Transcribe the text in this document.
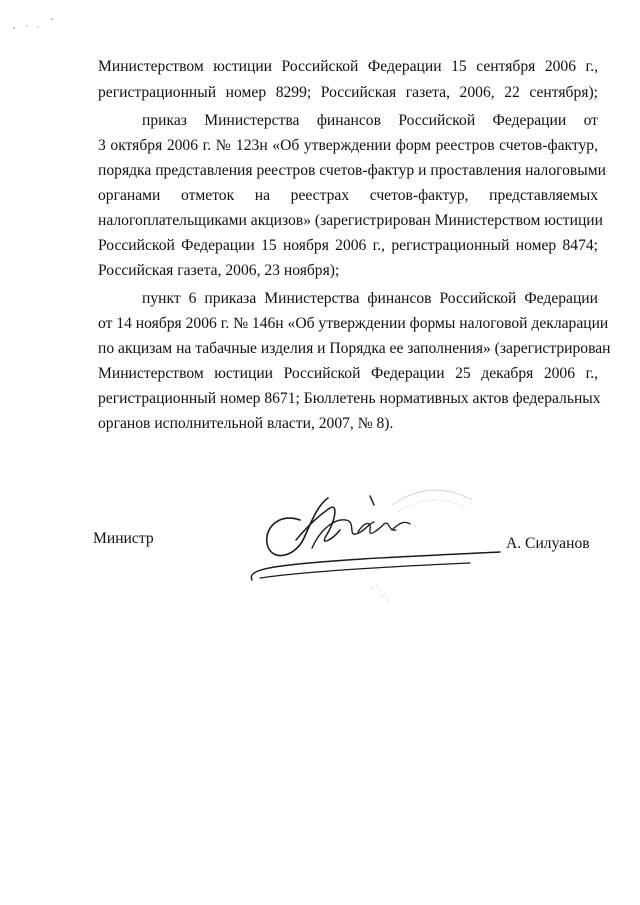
Министерством юстиции Российской Федерации 15 сентября 2006 г.,
регистрационный номер 8299; Российская газета, 2006, 22 сентября);
приказ Министерства финансов Российской Федерации от
3 октября 2006 г. № 123н «Об утверждении форм реестров счетов-фактур,
порядка представления реестров счетов-фактур и проставления налоговыми
органами отметок на реестрах счетов-фактур, представляемых
налогоплательщиками акцизов» (зарегистрирован Министерством юстиции
Российской Федерации 15 ноября 2006 г., регистрационный номер 8474;
Российская газета, 2006, 23 ноября);
пункт 6 приказа Министерства финансов Российской Федерации
от 14 ноября 2006 г. № 146н «Об утверждении формы налоговой декларации
по акцизам на табачные изделия и Порядка ее заполнения» (зарегистрирован
Министерством юстиции Российской Федерации 25 декабря 2006 г.,
регистрационный номер 8671; Бюллетень нормативных актов федеральных
органов исполнительной власти, 2007, № 8).
Министр	А. Силуанов
